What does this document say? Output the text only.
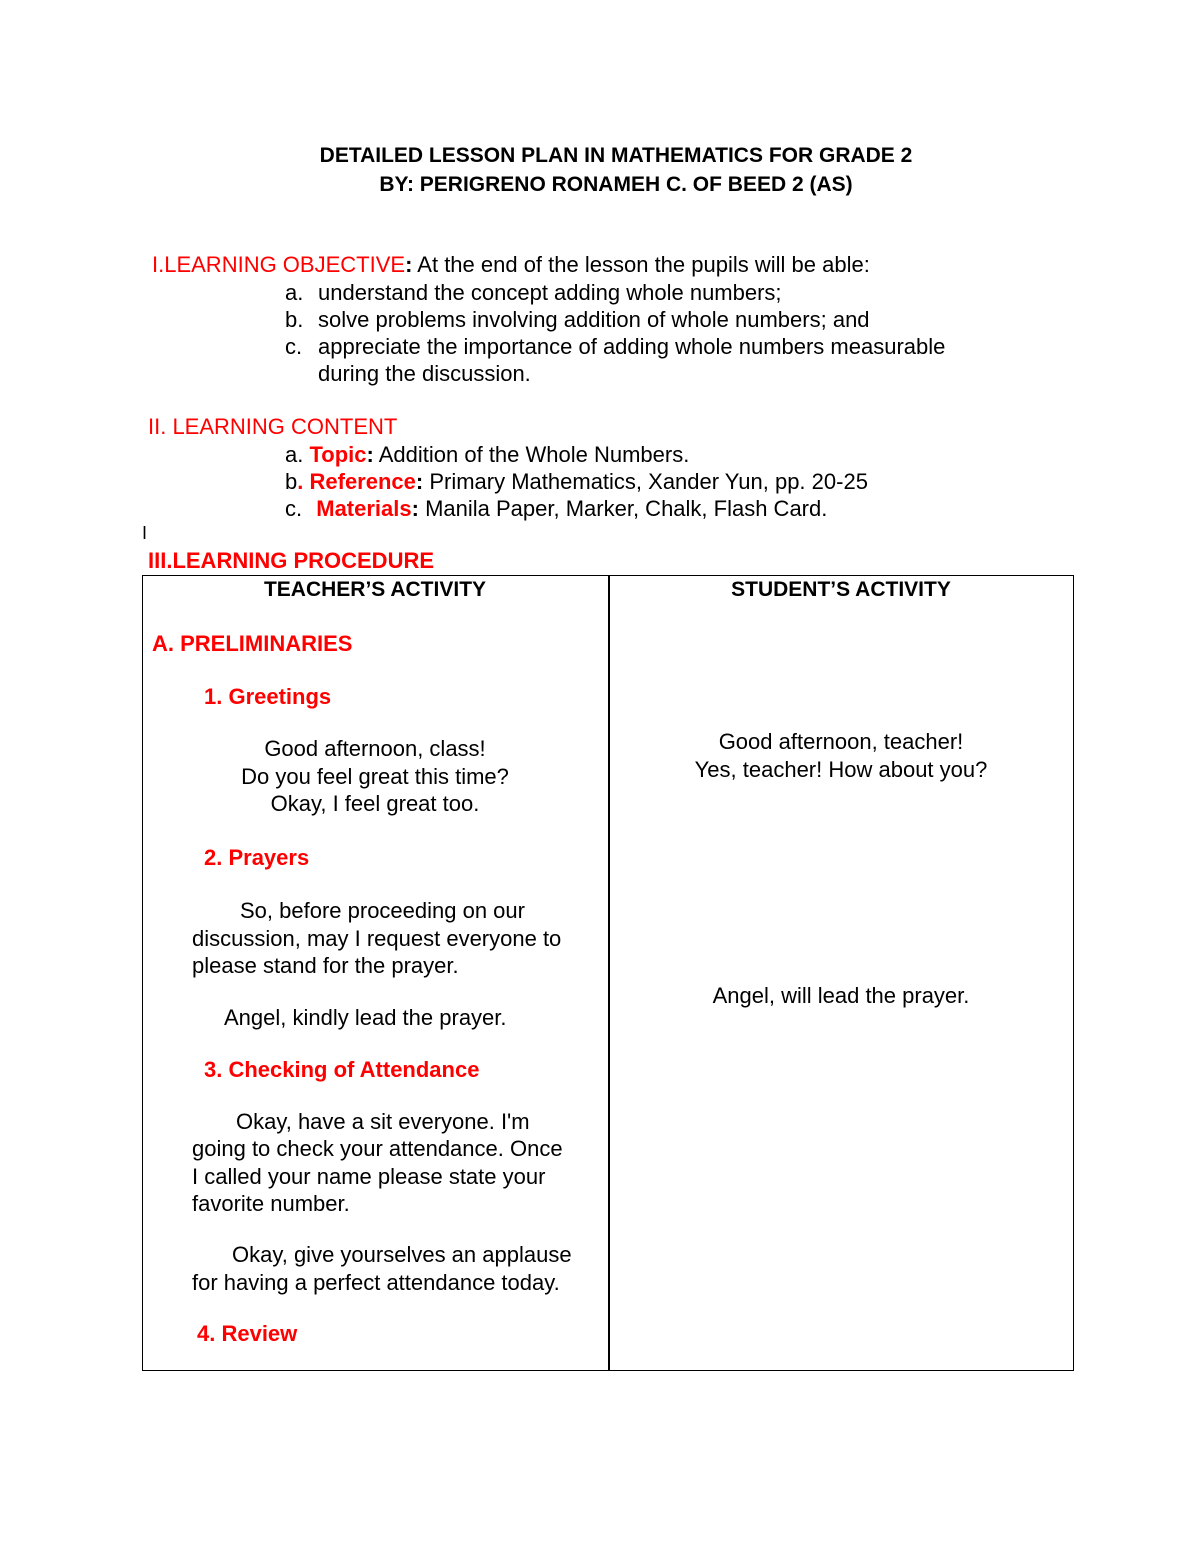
DETAILED LESSON PLAN IN MATHEMATICS FOR GRADE 2
BY: PERIGRENO RONAMEH C. OF BEED 2 (AS)
I.LEARNING OBJECTIVE: At the end of the lesson the pupils will be able:
a. understand the concept adding whole numbers;
b. solve problems involving addition of whole numbers; and
c. appreciate the importance of adding whole numbers measurable
during the discussion.
II. LEARNING CONTENT
a. Topic: Addition of the Whole Numbers.
b. Reference: Primary Mathematics, Xander Yun, pp. 20-25
c. Materials: Manila Paper, Marker, Chalk, Flash Card.
I
III.LEARNING PROCEDURE
TEACHER’S ACTIVITY	STUDENT’S ACTIVITY
A. PRELIMINARIES
1. Greetings
Good afternoon, class!
Do you feel great this time?
Okay, I feel great too.
2. Prayers
So, before proceeding on our
discussion, may I request everyone to
please stand for the prayer.
Angel, kindly lead the prayer.
3. Checking of Attendance
Okay, have a sit everyone. I'm
going to check your attendance. Once
I called your name please state your
favorite number.
Okay, give yourselves an applause
for having a perfect attendance today.
4. Review
Good afternoon, teacher!
Yes, teacher! How about you?
Angel, will lead the prayer.
